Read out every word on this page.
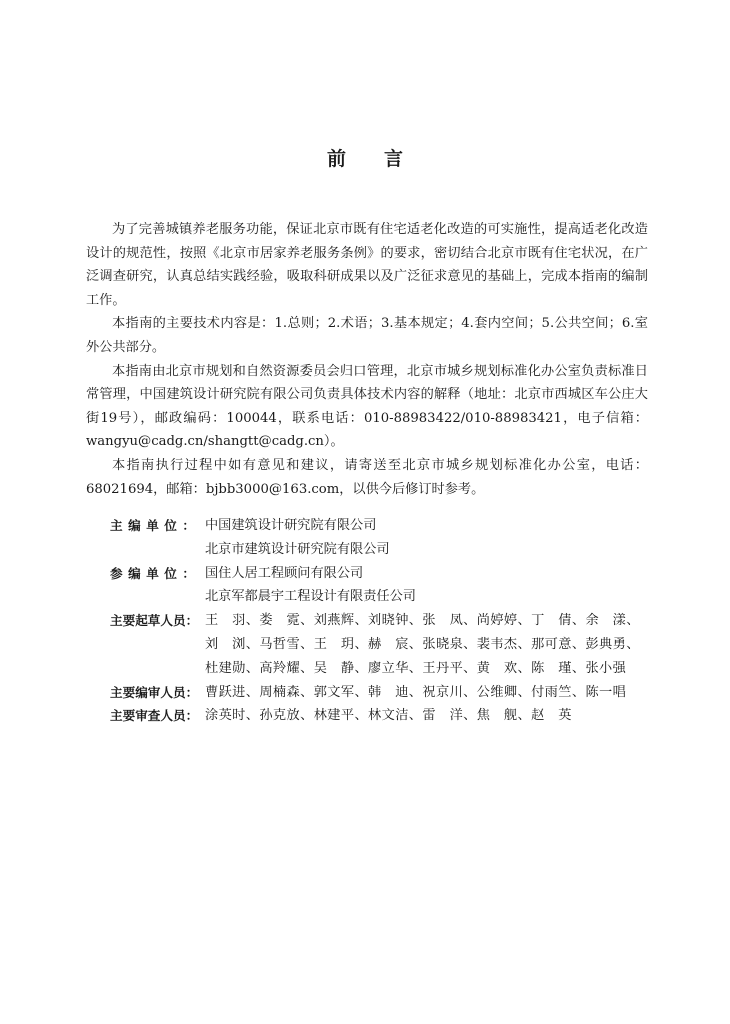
前言

为了完善城镇养老服务功能，保证北京市既有住宅适老化改造的可实施性，提高适老化改造设计的规范性，按照《北京市居家养老服务条例》的要求，密切结合北京市既有住宅状况，在广泛调查研究，认真总结实践经验，吸取科研成果以及广泛征求意见的基础上，完成本指南的编制工作。

本指南的主要技术内容是：1.总则；2.术语；3.基本规定；4.套内空间；5.公共空间；6.室外公共部分。

本指南由北京市规划和自然资源委员会归口管理，北京市城乡规划标准化办公室负责标准日常管理，中国建筑设计研究院有限公司负责具体技术内容的解释（地址：北京市西城区车公庄大街19号），邮政编码：100044，联系电话：010-88983422/010-88983421，电子信箱：wangyu@cadg.cn/shangtt@cadg.cn）。

本指南执行过程中如有意见和建议，请寄送至北京市城乡规划标准化办公室，电话：68021694，邮箱：bjbb3000@163.com，以供今后修订时参考。

主编单位： 中国建筑设计研究院有限公司
北京市建筑设计研究院有限公司
参编单位： 国住人居工程顾问有限公司
北京军都晨宇工程设计有限责任公司
主要起草人员： 王　羽、娄　霓、刘燕辉、刘晓钟、张　凤、尚婷婷、丁　倩、余　漾、刘　浏、马哲雪、王　玥、赫　宸、张晓泉、裴韦杰、那可意、彭典勇、杜建勋、高羚耀、吴　静、廖立华、王丹平、黄　欢、陈　瑾、张小强
主要编审人员： 曹跃进、周楠森、郭文军、韩　迪、祝京川、公维卿、付雨竺、陈一唱
主要审查人员： 涂英时、孙克放、林建平、林文洁、雷　洋、焦　舰、赵　英
